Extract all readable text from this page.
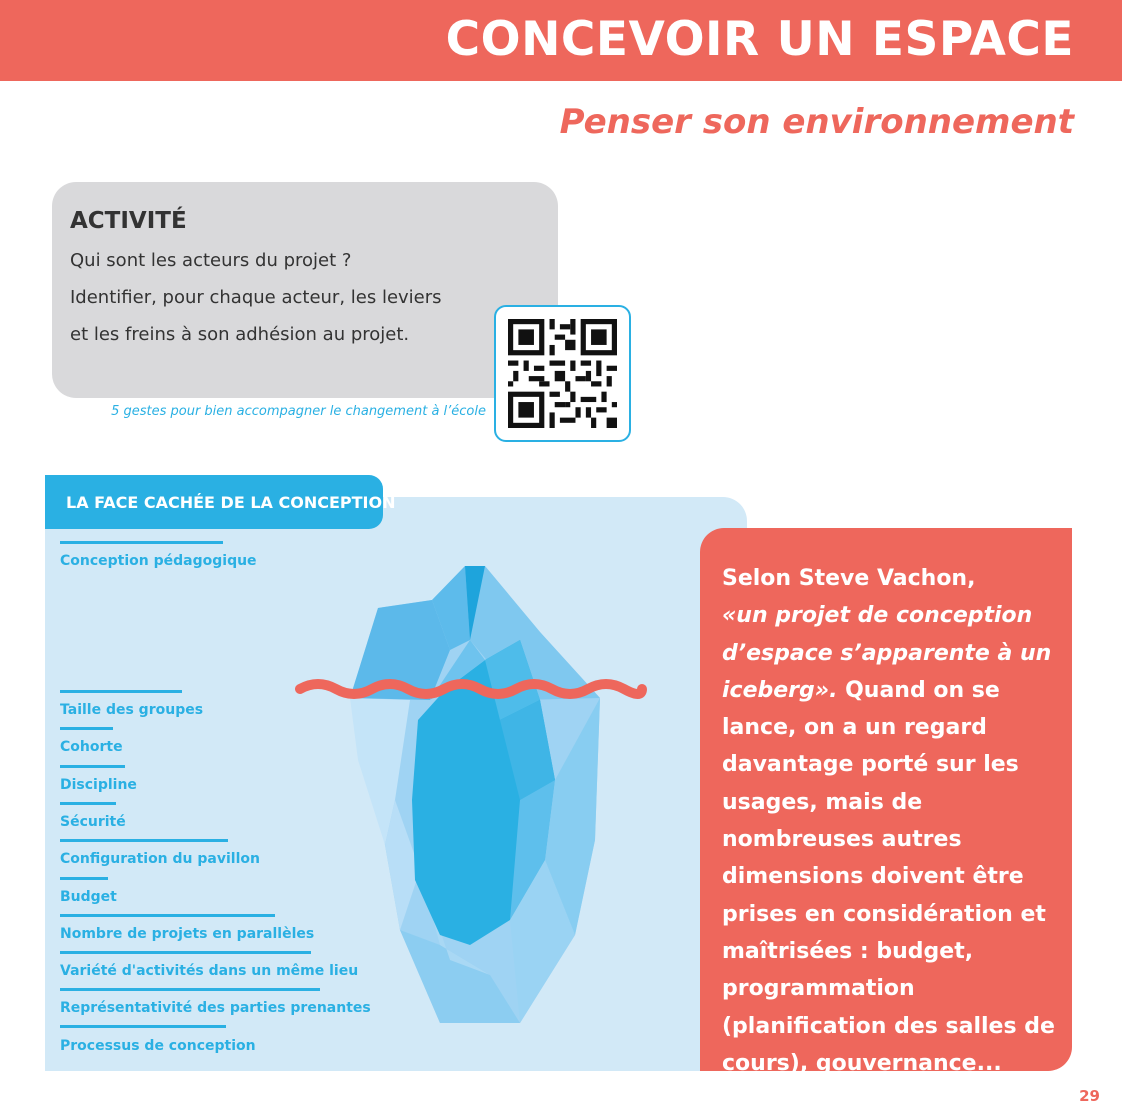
CONCEVOIR UN ESPACE
Penser son environnement
ACTIVITÉ
Qui sont les acteurs du projet ?
Identifier, pour chaque acteur, les leviers
et les freins à son adhésion au projet.
5 gestes pour bien accompagner le changement à l’école
LA FACE CACHÉE DE LA CONCEPTION
Conception pédagogique
Taille des groupes
Cohorte
Discipline
Sécurité
Configuration du pavillon
Budget
Nombre de projets en parallèles
Variété d'activités dans un même lieu
Représentativité des parties prenantes
Processus de conception
Selon Steve Vachon,
«un projet de conception d’espace s’apparente à un iceberg». Quand on se lance, on a un regard davantage porté sur les usages, mais de nombreuses autres dimensions doivent être prises en considération et maîtrisées : budget, programmation (planification des salles de cours), gouvernance...
29
